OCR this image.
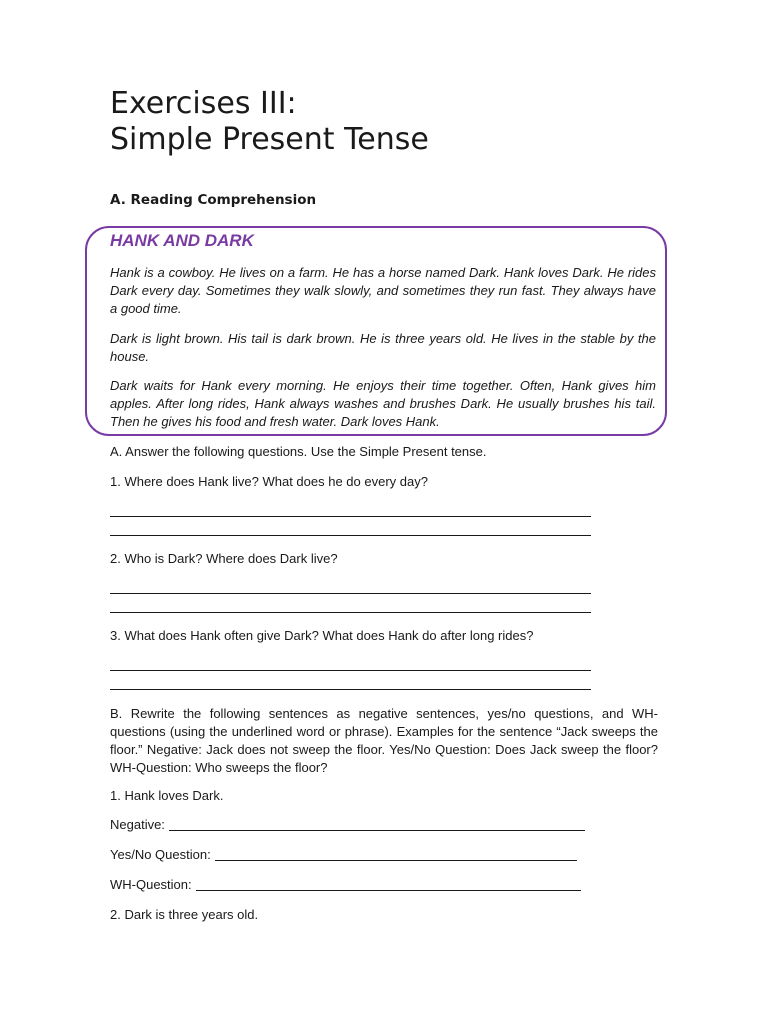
Exercises III:
Simple Present Tense
A. Reading Comprehension
HANK AND DARK

Hank is a cowboy. He lives on a farm. He has a horse named Dark. Hank loves Dark. He rides Dark every day. Sometimes they walk slowly, and sometimes they run fast. They always have a good time.

Dark is light brown. His tail is dark brown. He is three years old. He lives in the stable by the house.

Dark waits for Hank every morning. He enjoys their time together. Often, Hank gives him apples. After long rides, Hank always washes and brushes Dark. He usually brushes his tail. Then he gives his food and fresh water. Dark loves Hank.

A. Answer the following questions. Use the Simple Present tense.

1. Where does Hank live? What does he do every day?

2. Who is Dark? Where does Dark live?

3. What does Hank often give Dark? What does Hank do after long rides?

B. Rewrite the following sentences as negative sentences, yes/no questions, and WH-questions (using the underlined word or phrase). Examples for the sentence “Jack sweeps the floor.” Negative: Jack does not sweep the floor. Yes/No Question: Does Jack sweep the floor? WH-Question: Who sweeps the floor?

1. Hank loves Dark.

Negative:
Yes/No Question:
WH-Question:

2. Dark is three years old.
